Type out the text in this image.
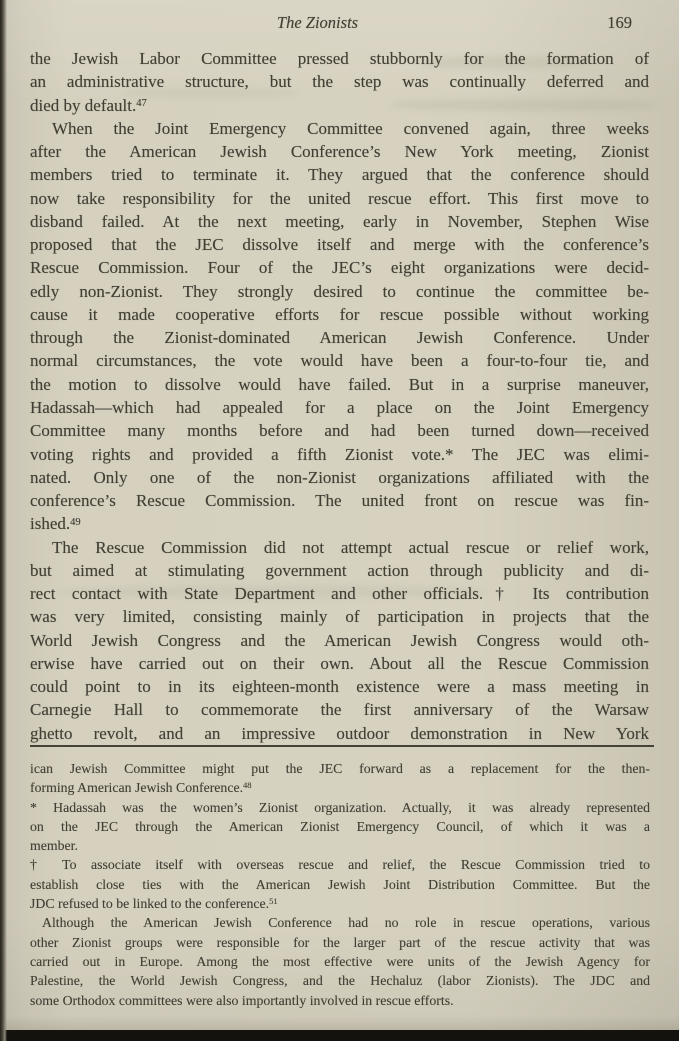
The Zionists	169
the Jewish Labor Committee pressed stubbornly for the formation of
an administrative structure, but the step was continually deferred and
died by default.$^{47}$
When the Joint Emergency Committee convened again, three weeks
after the American Jewish Conference’s New York meeting, Zionist
members tried to terminate it. They argued that the conference should
now take responsibility for the united rescue effort. This first move to
disband failed. At the next meeting, early in November, Stephen Wise
proposed that the JEC dissolve itself and merge with the conference’s
Rescue Commission. Four of the JEC’s eight organizations were decid-
edly non-Zionist. They strongly desired to continue the committee be-
cause it made cooperative efforts for rescue possible without working
through the Zionist-dominated American Jewish Conference. Under
normal circumstances, the vote would have been a four-to-four tie, and
the motion to dissolve would have failed. But in a surprise maneuver,
Hadassah—which had appealed for a place on the Joint Emergency
Committee many months before and had been turned down—received
voting rights and provided a fifth Zionist vote.* The JEC was elimi-
nated. Only one of the non-Zionist organizations affiliated with the
conference’s Rescue Commission. The united front on rescue was fin-
ished.$^{49}$
The Rescue Commission did not attempt actual rescue or relief work,
but aimed at stimulating government action through publicity and di-
rect contact with State Department and other officials.† Its contribution
was very limited, consisting mainly of participation in projects that the
World Jewish Congress and the American Jewish Congress would oth-
erwise have carried out on their own. About all the Rescue Commission
could point to in its eighteen-month existence were a mass meeting in
Carnegie Hall to commemorate the first anniversary of the Warsaw
ghetto revolt, and an impressive outdoor demonstration in New York
ican Jewish Committee might put the JEC forward as a replacement for the then-
forming American Jewish Conference.$^{48}$
* Hadassah was the women’s Zionist organization. Actually, it was already represented
on the JEC through the American Zionist Emergency Council, of which it was a
member.
† To associate itself with overseas rescue and relief, the Rescue Commission tried to
establish close ties with the American Jewish Joint Distribution Committee. But the
JDC refused to be linked to the conference.$^{51}$
Although the American Jewish Conference had no role in rescue operations, various
other Zionist groups were responsible for the larger part of the rescue activity that was
carried out in Europe. Among the most effective were units of the Jewish Agency for
Palestine, the World Jewish Congress, and the Hechaluz (labor Zionists). The JDC and
some Orthodox committees were also importantly involved in rescue efforts.
